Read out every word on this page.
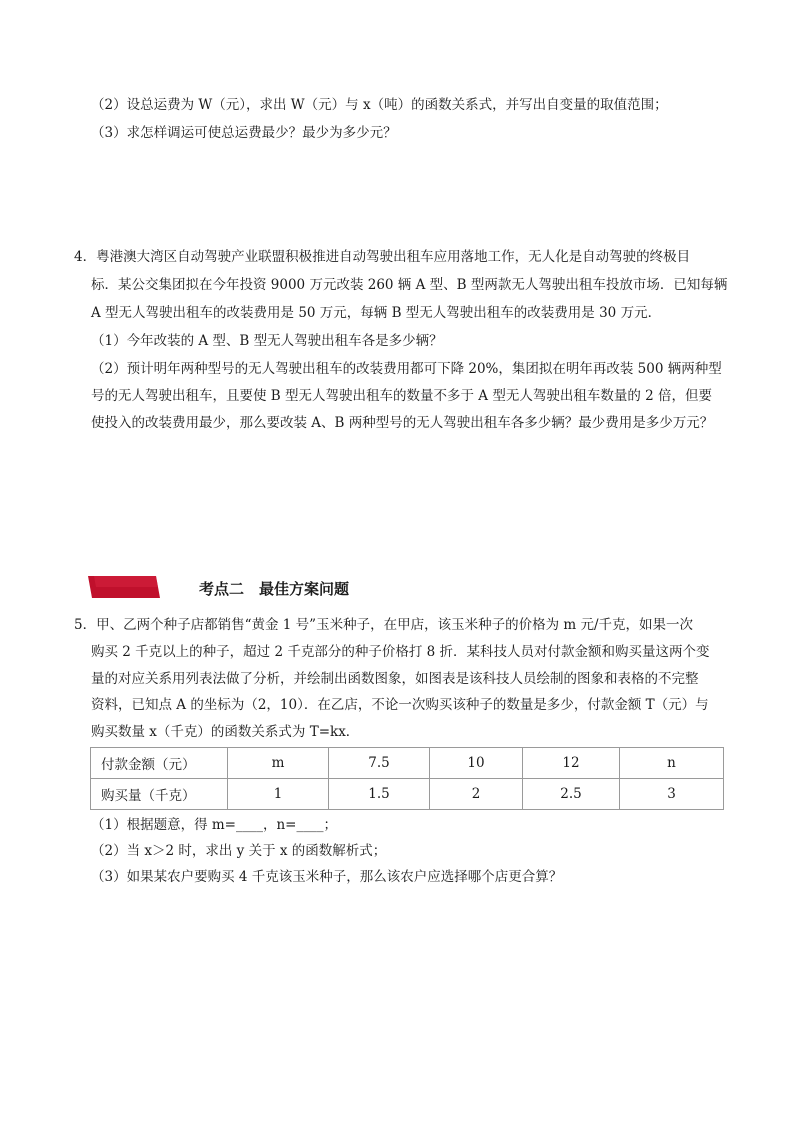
（2）设总运费为 W（元），求出 W（元）与 x（吨）的函数关系式，并写出自变量的取值范围；
（3）求怎样调运可使总运费最少？最少为多少元？
4．粤港澳大湾区自动驾驶产业联盟积极推进自动驾驶出租车应用落地工作，无人化是自动驾驶的终极目
标．某公交集团拟在今年投资 9000 万元改装 260 辆 A 型、B 型两款无人驾驶出租车投放市场．已知每辆
A 型无人驾驶出租车的改装费用是 50 万元，每辆 B 型无人驾驶出租车的改装费用是 30 万元．
（1）今年改装的 A 型、B 型无人驾驶出租车各是多少辆？
（2）预计明年两种型号的无人驾驶出租车的改装费用都可下降 20%，集团拟在明年再改装 500 辆两种型
号的无人驾驶出租车，且要使 B 型无人驾驶出租车的数量不多于 A 型无人驾驶出租车数量的 2 倍，但要
使投入的改装费用最少，那么要改装 A、B 两种型号的无人驾驶出租车各多少辆？最少费用是多少万元？
考点二　最佳方案问题
5．甲、乙两个种子店都销售“黄金 1 号”玉米种子，在甲店，该玉米种子的价格为 m 元/千克，如果一次
购买 2 千克以上的种子，超过 2 千克部分的种子价格打 8 折．某科技人员对付款金额和购买量这两个变
量的对应关系用列表法做了分析，并绘制出函数图象，如图表是该科技人员绘制的图象和表格的不完整
资料，已知点 A 的坐标为（2，10）．在乙店，不论一次购买该种子的数量是多少，付款金额 T（元）与
购买数量 x（千克）的函数关系式为 T=kx．
付款金额（元）	m	7.5	10	12	n
购买量（千克）	1	1.5	2	2.5	3
（1）根据题意，得 m=____，n=____；
（2）当 x＞2 时，求出 y 关于 x 的函数解析式；
（3）如果某农户要购买 4 千克该玉米种子，那么该农户应选择哪个店更合算？
